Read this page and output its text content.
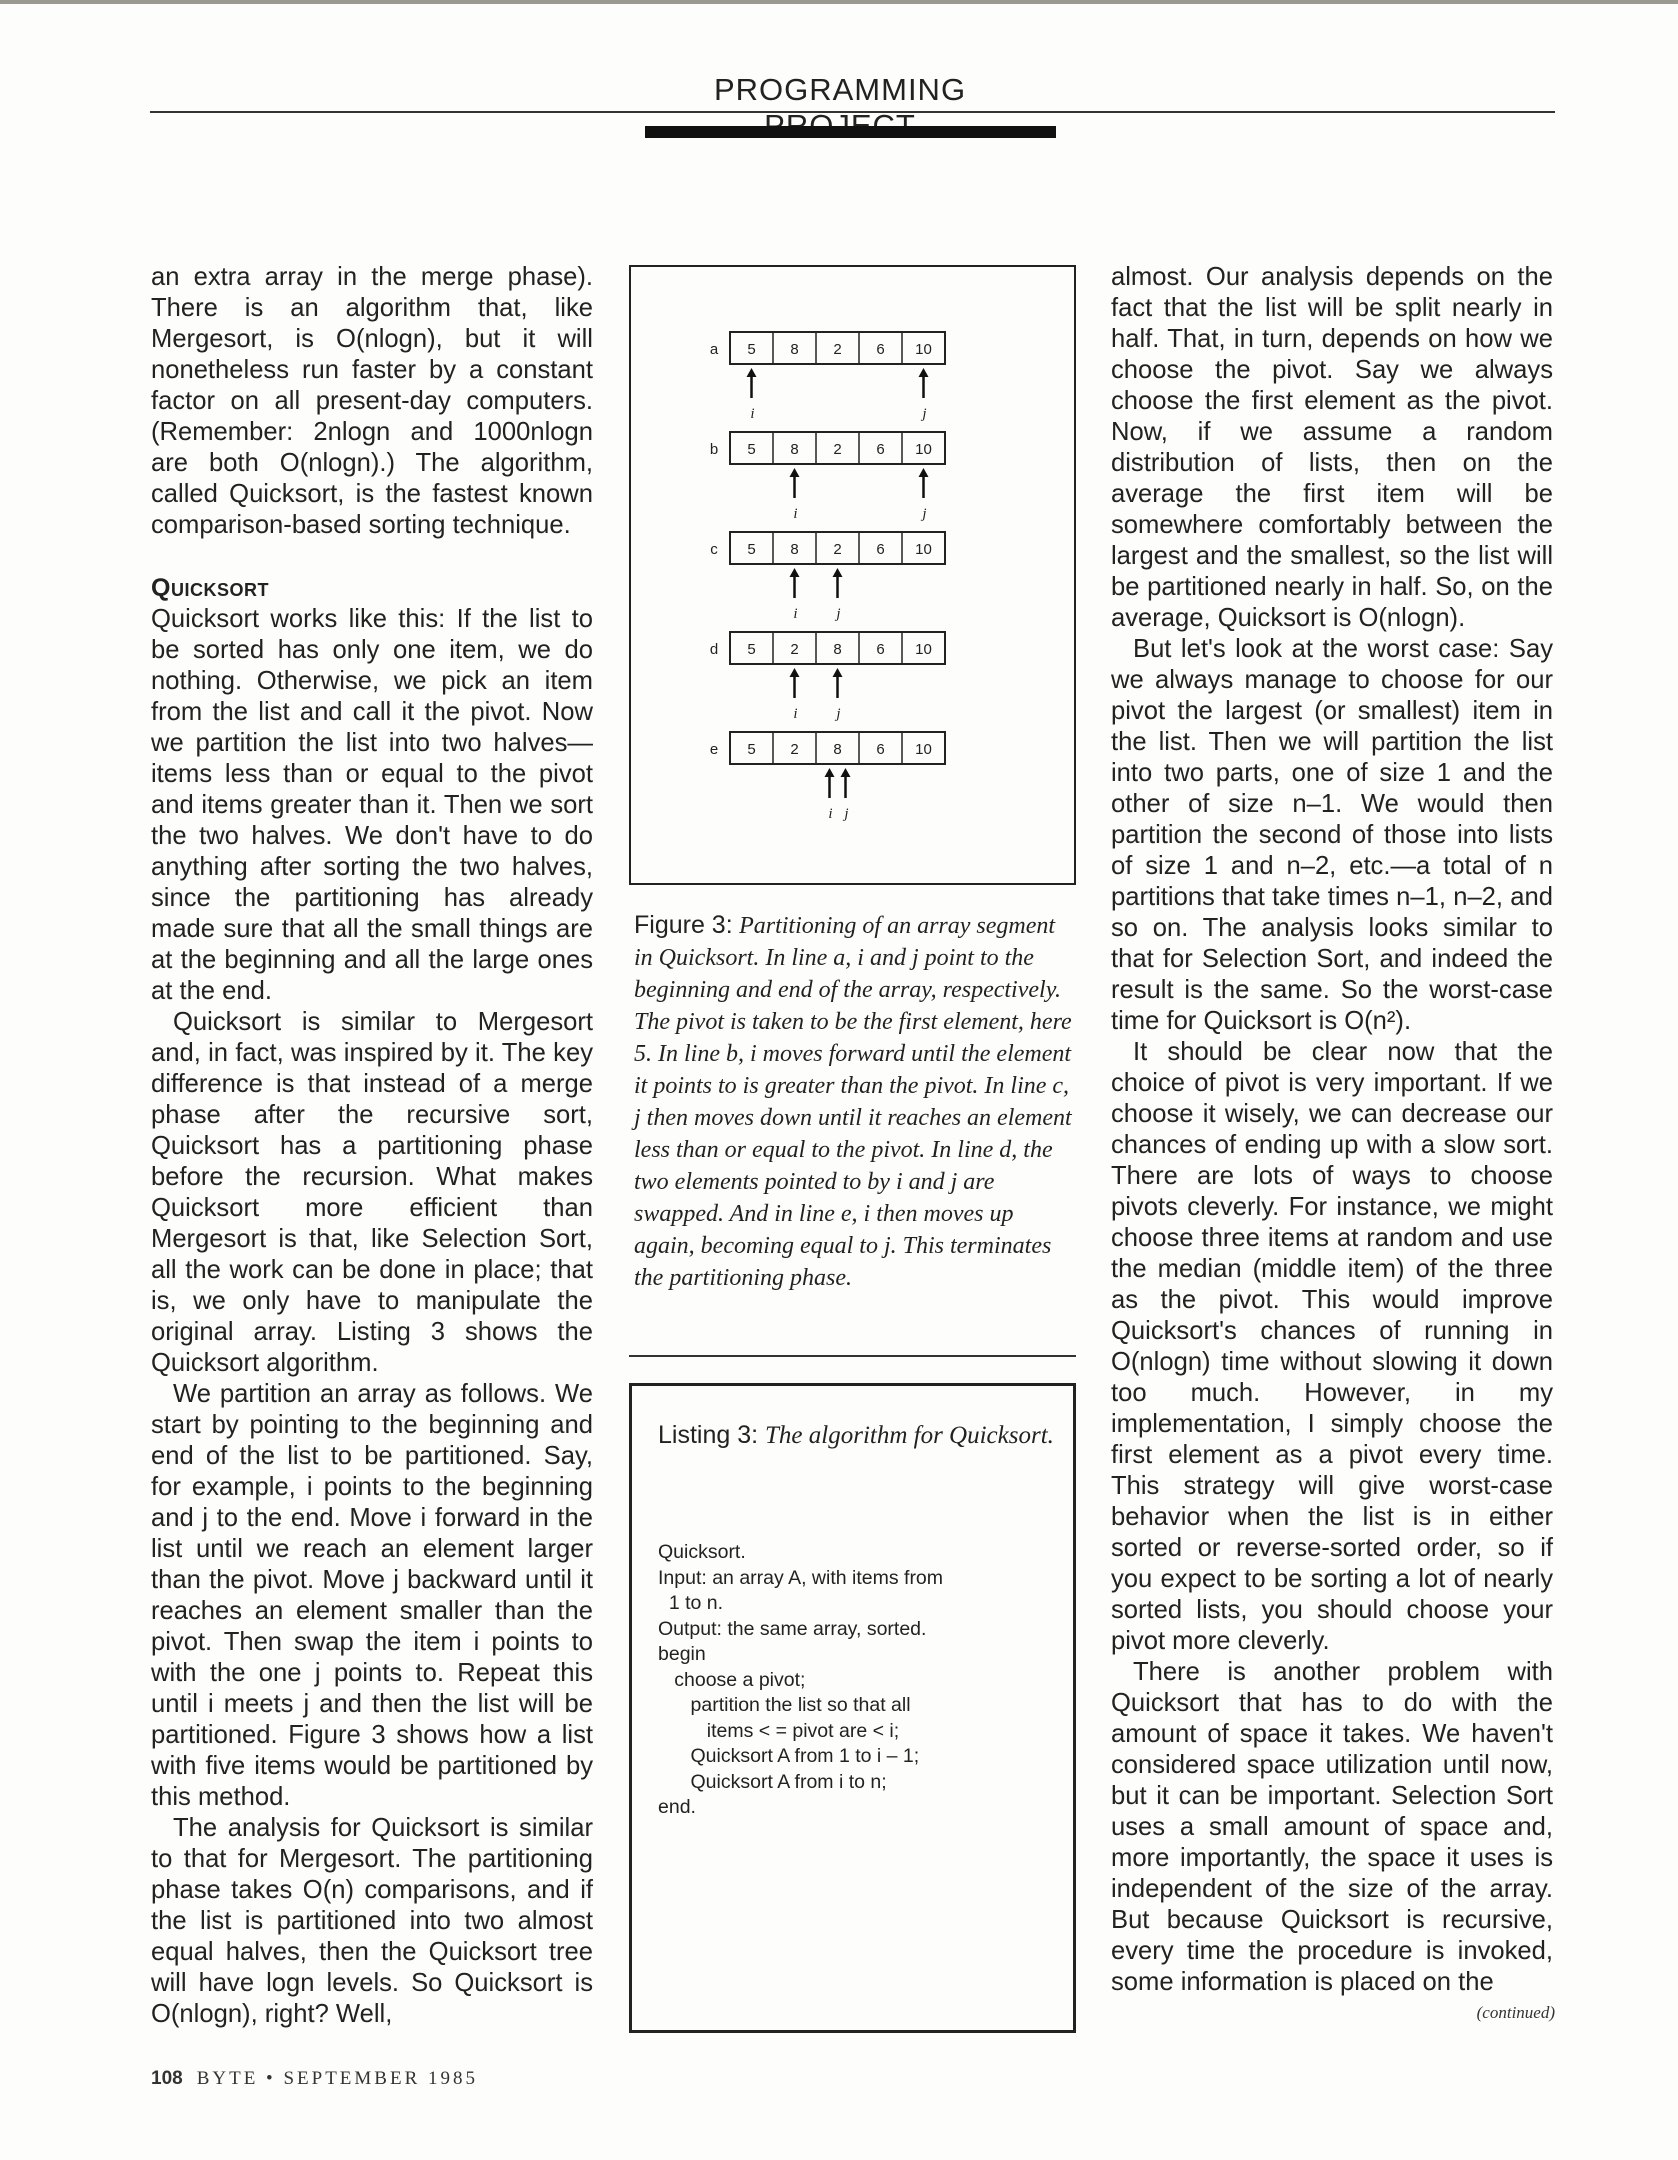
PROGRAMMING

an extra array in the merge phase). There is an algorithm that, like Mergesort, is O(nlogn), but it will nonetheless run faster by a constant factor on all present-day computers. (Remember: 2nlogn and 1000nlogn are both O(nlogn).) The algorithm, called Quicksort, is the fastest known comparison-based sorting technique.

Quicksort

Quicksort works like this: If the list to be sorted has only one item, we do nothing. Otherwise, we pick an item from the list and call it the pivot. Now we partition the list into two halves—items less than or equal to the pivot and items greater than it. Then we sort the two halves. We don't have to do anything after sorting the two halves, since the partitioning has already made sure that all the small things are at the beginning and all the large ones at the end.

Quicksort is similar to Mergesort and, in fact, was inspired by it. The key difference is that instead of a merge phase after the recursive sort, Quicksort has a partitioning phase before the recursion. What makes Quicksort more efficient than Mergesort is that, like Selection Sort, all the work can be done in place; that is, we only have to manipulate the original array. Listing 3 shows the Quicksort algorithm.

We partition an array as follows. We start by pointing to the beginning and end of the list to be partitioned. Say, for example, i points to the beginning and j to the end. Move i forward in the list until we reach an element larger than the pivot. Move j backward until it reaches an element smaller than the pivot. Then swap the item i points to with the one j points to. Repeat this until i meets j and then the list will be partitioned. Figure 3 shows how a list with five items would be partitioned by this method.

The analysis for Quicksort is similar to that for Mergesort. The partitioning phase takes O(n) comparisons, and if the list is partitioned into two almost equal halves, then the Quicksort tree will have logn levels. So Quicksort is O(nlogn), right? Well,

a 5 8 2 6 10
i	j
b 5 8 2 6 10
i	j
c 5 8 2 6 10
i	j
d 5 2 8 6 10
i	j
e 5 2 8 6 10
i j
Figure 3: Partitioning of an array segment in Quicksort. In line a, i and j point to the beginning and end of the array, respectively. The pivot is taken to be the first element, here 5. In line b, i moves forward until the element it points to is greater than the pivot. In line c, j then moves down until it reaches an element less than or equal to the pivot. In line d, the two elements pointed to by i and j are swapped. And in line e, i then moves up again, becoming equal to j. This terminates the partitioning phase.
Listing 3: The algorithm for Quicksort.
Quicksort.
Input: an array A, with items from
1 to n.
Output: the same array, sorted.
begin
choose a pivot;
partition the list so that all
items < = pivot are < i;
Quicksort A from 1 to i – 1;
Quicksort A from i to n;
end.

almost. Our analysis depends on the fact that the list will be split nearly in half. That, in turn, depends on how we choose the pivot. Say we always choose the first element as the pivot. Now, if we assume a random distribution of lists, then on the average the first item will be somewhere comfortably between the largest and the smallest, so the list will be partitioned nearly in half. So, on the average, Quicksort is O(nlogn).

But let's look at the worst case: Say we always manage to choose for our pivot the largest (or smallest) item in the list. Then we will partition the list into two parts, one of size 1 and the other of size n–1. We would then partition the second of those into lists of size 1 and n–2, etc.—a total of n partitions that take times n–1, n–2, and so on. The analysis looks similar to that for Selection Sort, and indeed the result is the same. So the worst-case time for Quicksort is O(n²).

It should be clear now that the choice of pivot is very important. If we choose it wisely, we can decrease our chances of ending up with a slow sort. There are lots of ways to choose pivots cleverly. For instance, we might choose three items at random and use the median (middle item) of the three as the pivot. This would improve Quicksort's chances of running in O(nlogn) time without slowing it down too much. However, in my implementation, I simply choose the first element as a pivot every time. This strategy will give worst-case behavior when the list is in either sorted or reverse-sorted order, so if you expect to be sorting a lot of nearly sorted lists, you should choose your pivot more cleverly.

There is another problem with Quicksort that has to do with the amount of space it takes. We haven't considered space utilization until now, but it can be important. Selection Sort uses a small amount of space and, more importantly, the space it uses is independent of the size of the array. But because Quicksort is recursive, every time the procedure is invoked, some information is placed on the

(continued)
108 BYTE • SEPTEMBER 1985
